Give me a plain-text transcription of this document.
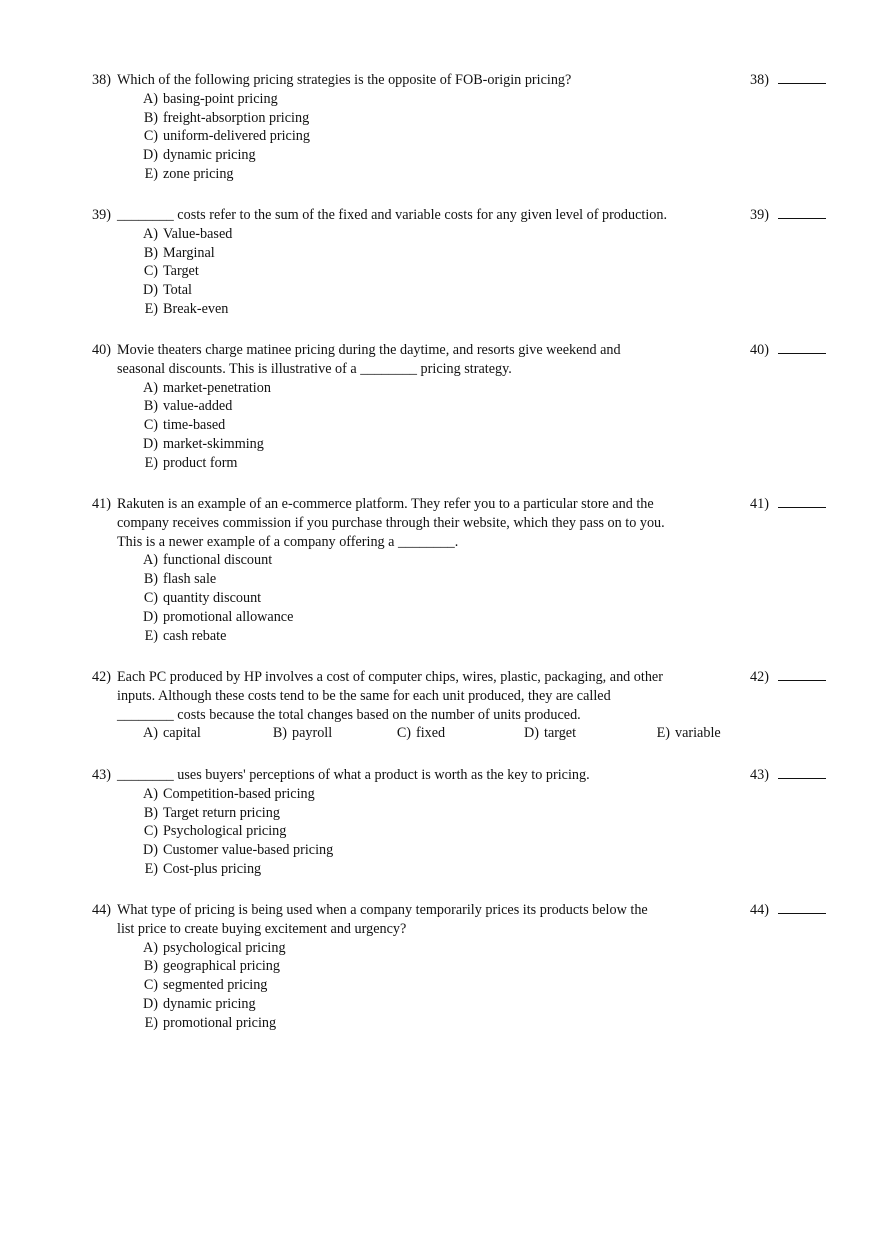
38) Which of the following pricing strategies is the opposite of FOB-origin pricing?	38)
A) basing-point pricing
B) freight-absorption pricing
C) uniform-delivered pricing
D) dynamic pricing
E) zone pricing
39) ________ costs refer to the sum of the fixed and variable costs for any given level of production.	39)
A) Value-based
B) Marginal
C) Target
D) Total
E) Break-even
40) Movie theaters charge matinee pricing during the daytime, and resorts give weekend and
seasonal discounts. This is illustrative of a ________ pricing strategy.
40)
A) market-penetration
B) value-added
C) time-based
D) market-skimming
E) product form
41) Rakuten is an example of an e-commerce platform. They refer you to a particular store and the
company receives commission if you purchase through their website, which they pass on to you.
This is a newer example of a company offering a ________.
41)
A) functional discount
B) flash sale
C) quantity discount
D) promotional allowance
E) cash rebate
42) Each PC produced by HP involves a cost of computer chips, wires, plastic, packaging, and other
inputs. Although these costs tend to be the same for each unit produced, they are called
________ costs because the total changes based on the number of units produced.
42)
A) capital	B) payroll	C) fixed	D) target	E) variable
43) ________ uses buyers' perceptions of what a product is worth as the key to pricing.	43)
A) Competition-based pricing
B) Target return pricing
C) Psychological pricing
D) Customer value-based pricing
E) Cost-plus pricing
44) What type of pricing is being used when a company temporarily prices its products below the
list price to create buying excitement and urgency?
44)
A) psychological pricing
B) geographical pricing
C) segmented pricing
D) dynamic pricing
E) promotional pricing
